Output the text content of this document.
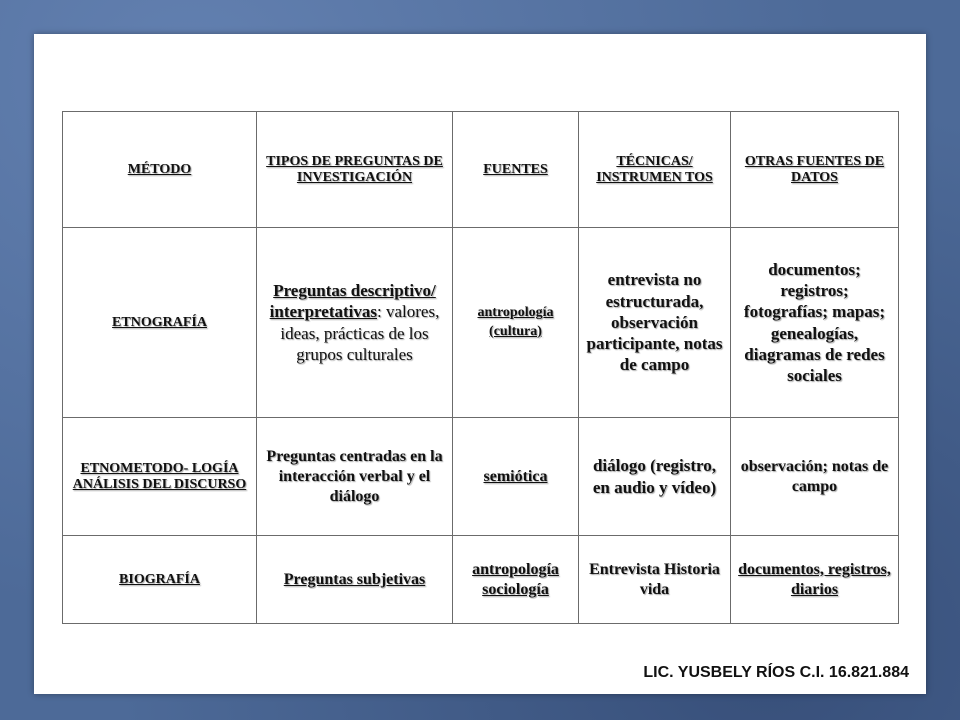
MÉTODO	TIPOS DE PREGUNTAS DE INVESTIGACIÓN	FUENTES	TÉCNICAS/ INSTRUMEN TOS	OTRAS FUENTES DE DATOS
ETNOGRAFÍA	Preguntas descriptivo/ interpretativas: valores, ideas, prácticas de los grupos culturales	antropología (cultura)	entrevista no estructurada, observación participante, notas de campo	documentos; registros; fotografías; mapas; genealogías, diagramas de redes sociales
ETNOMETODO- LOGÍA ANÁLISIS DEL DISCURSO	Preguntas centradas en la interacción verbal y el diálogo	semiótica	diálogo (registro, en audio y vídeo)	observación; notas de campo
BIOGRAFÍA	Preguntas subjetivas	antropología sociología	Entrevista Historia vida	documentos, registros, diarios
LIC. YUSBELY RÍOS C.I. 16.821.884
